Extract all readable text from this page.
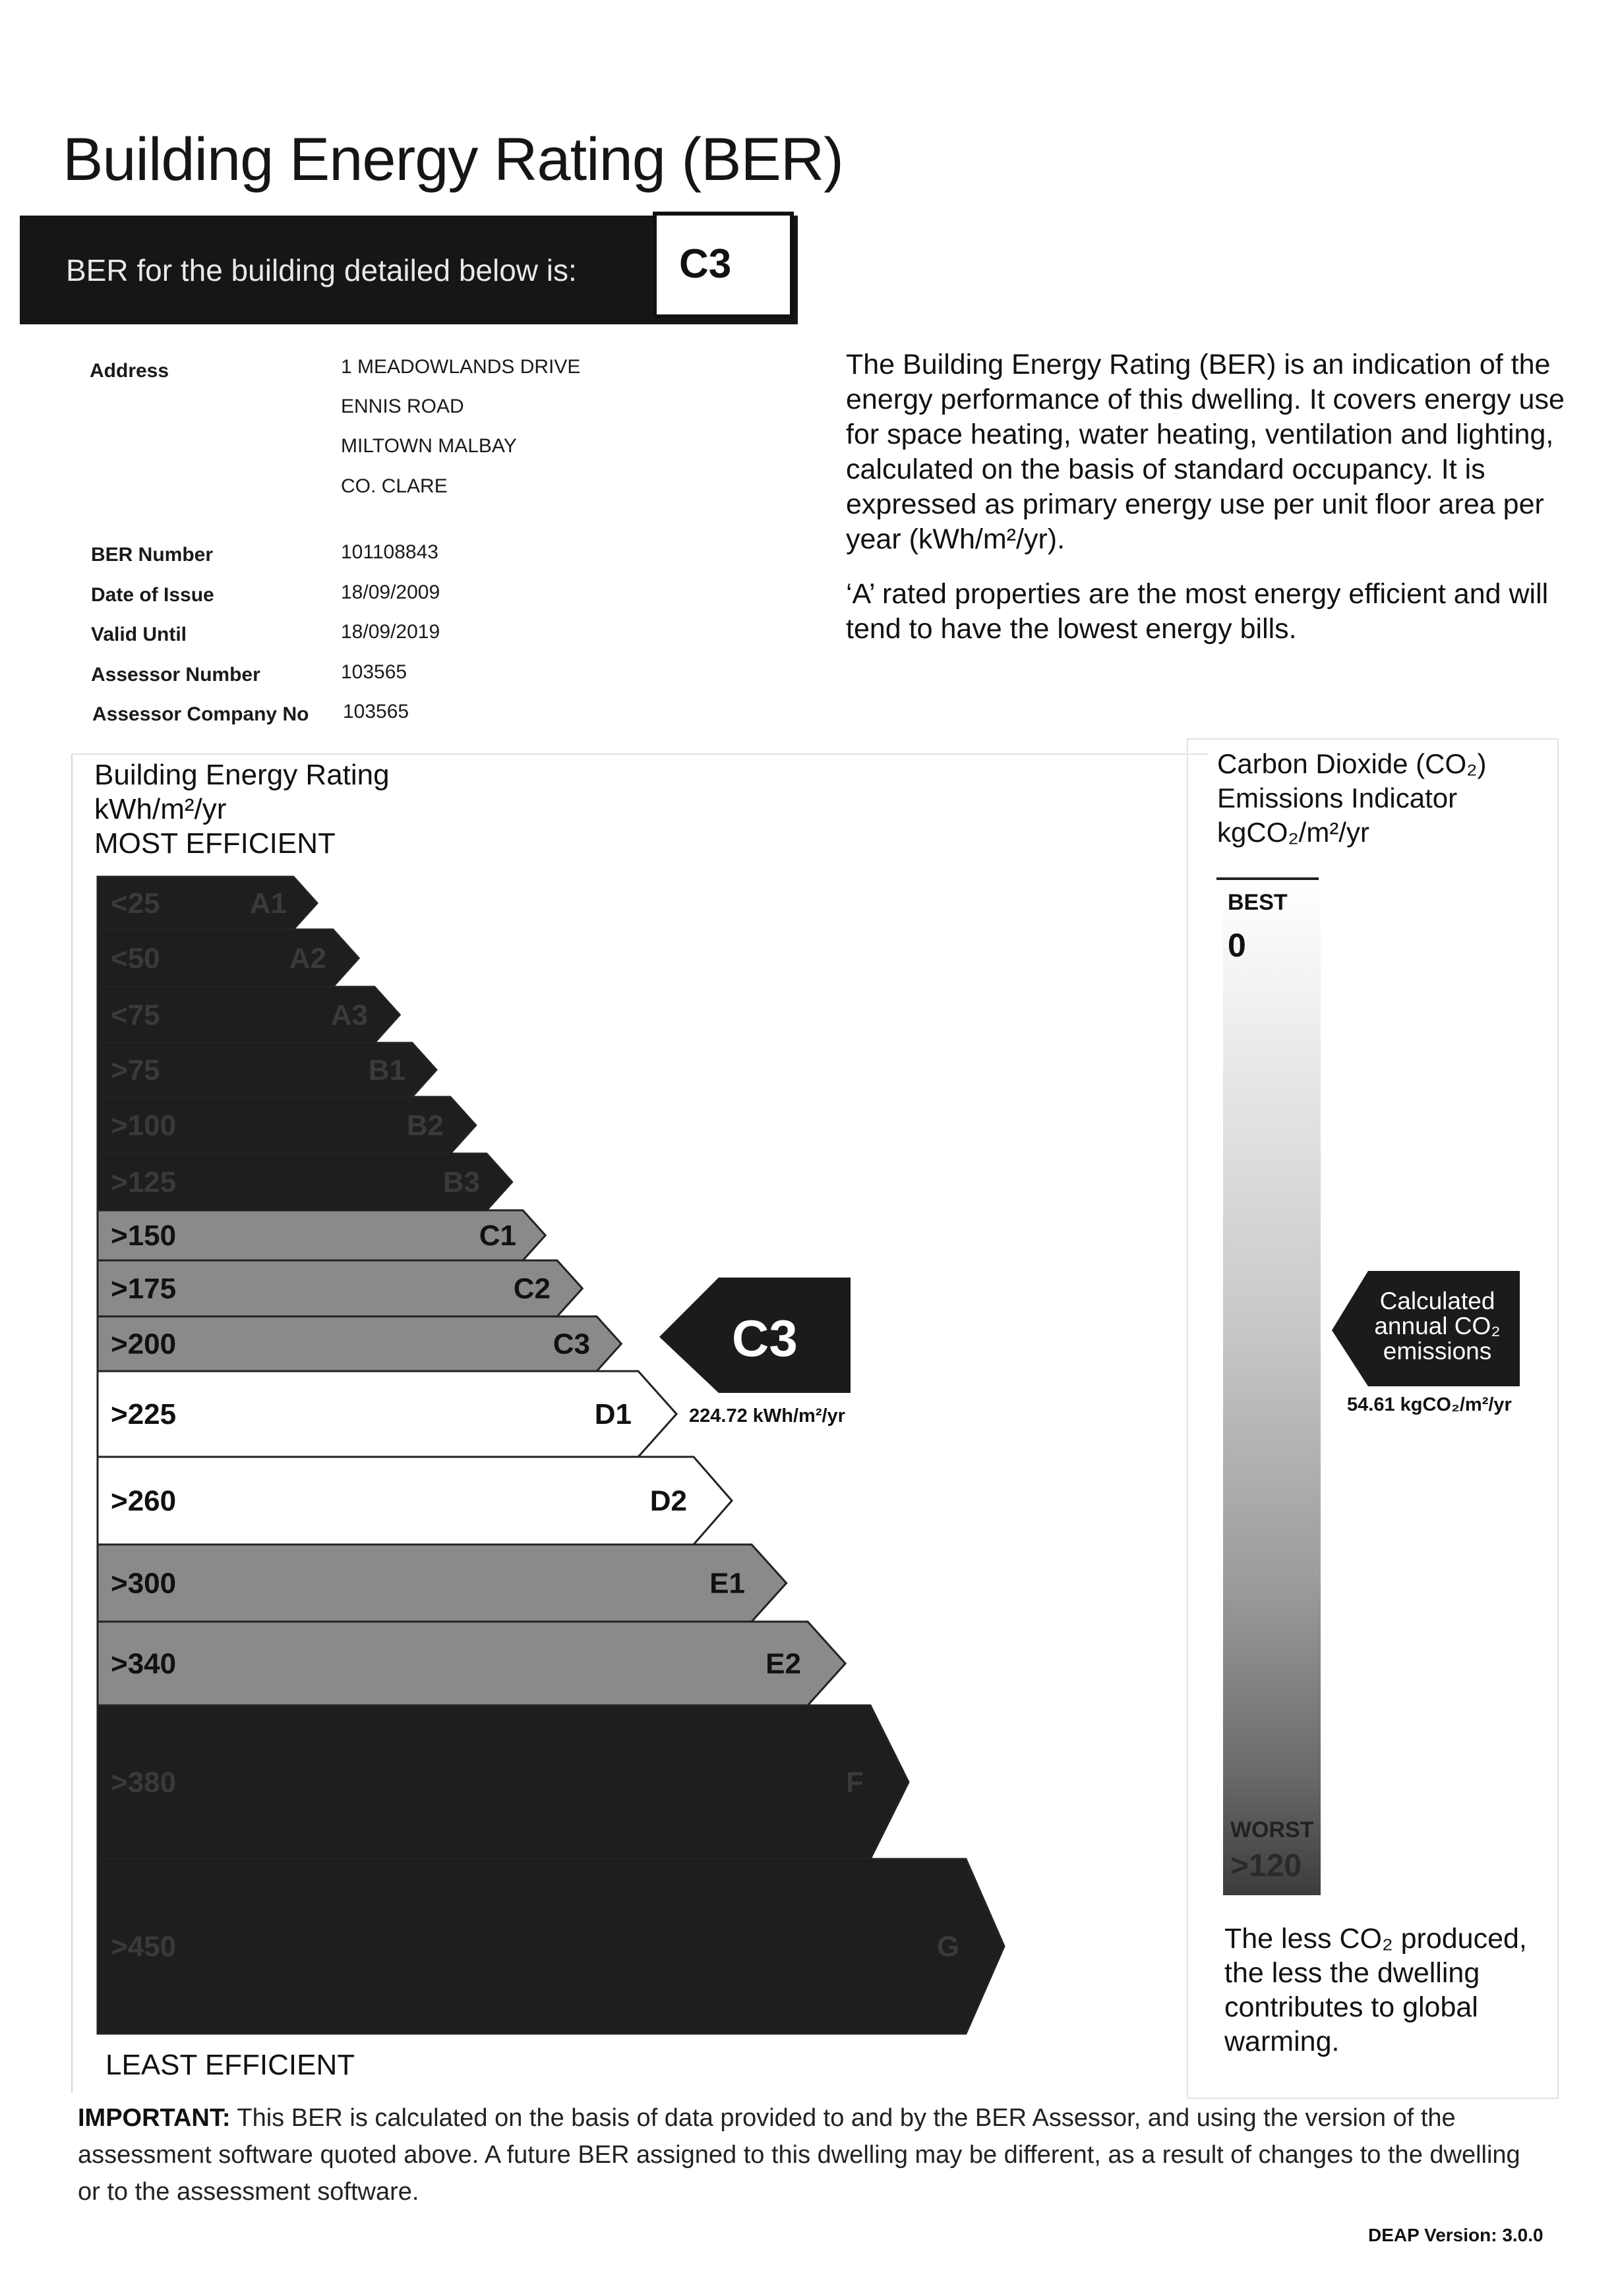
Building Energy Rating (BER)
BER for the building detailed below is:	C3
Address	1 MEADOWLANDS DRIVE
ENNIS ROAD
MILTOWN MALBAY
CO. CLARE
BER Number	101108843
Date of Issue	18/09/2009
Valid Until	18/09/2019
Assessor Number	103565
Assessor Company No 103565

The Building Energy Rating (BER) is an indication of the energy performance of this dwelling. It covers energy use for space heating, water heating, ventilation and lighting, calculated on the basis of standard occupancy. It is expressed as primary energy use per unit floor area per year (kWh/m²/yr).

‘A’ rated properties are the most energy efficient and will tend to have the lowest energy bills.

Building Energy Rating
kWh/m²/yr
MOST EFFICIENT
<25	A1
<50	A2
<75	A3
>75	B1
>100	B2
>125	B3
>150	C1
>175	C2
>200	C3
>225	D1
>260	D2
>300	E1
>340	E2
>380	F
>450	G
LEAST EFFICIENT
C3
224.72 kWh/m²/yr
Carbon Dioxide (CO₂)
Emissions Indicator
kgCO₂/m²/yr
BEST
0
WORST
>120
Calculated annual CO₂ emissions
54.61 kgCO₂/m²/yr
The less CO₂ produced, the less the dwelling contributes to global warming.
IMPORTANT: This BER is calculated on the basis of data provided to and by the BER Assessor, and using the version of the assessment software quoted above. A future BER assigned to this dwelling may be different, as a result of changes to the dwelling or to the assessment software.
DEAP Version: 3.0.0
